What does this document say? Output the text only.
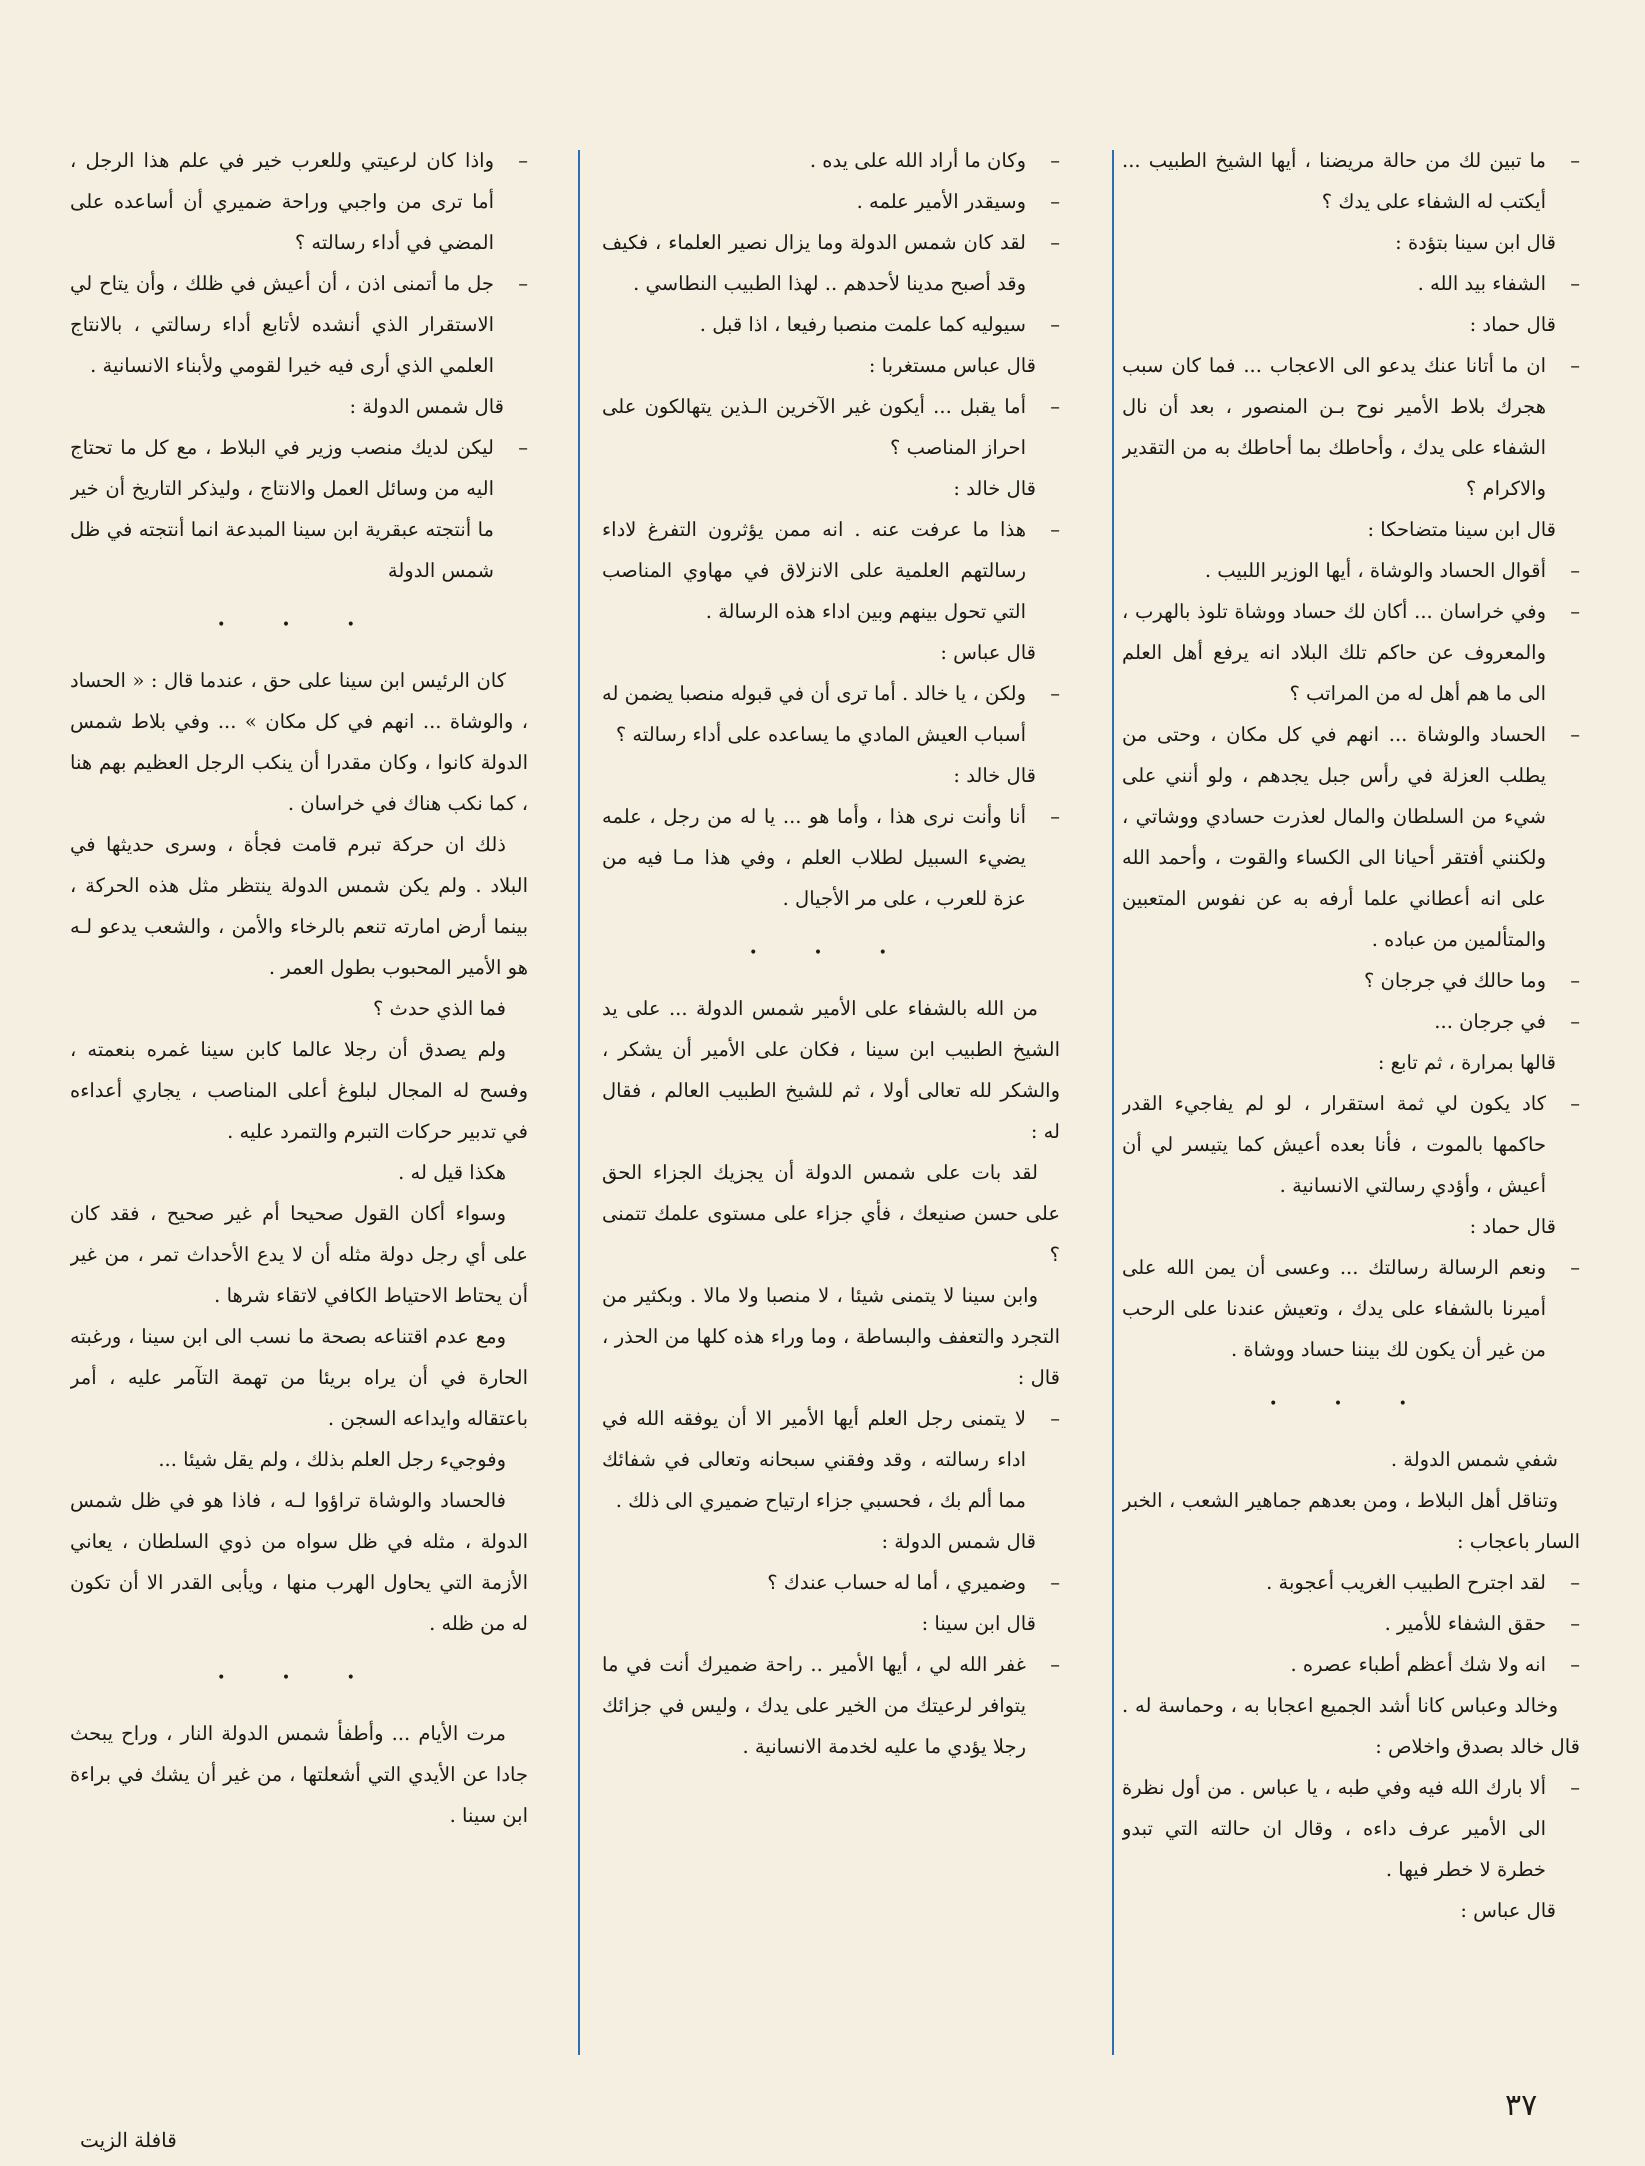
– ما تبين لك من حالة مريضنا ، أيها الشيخ الطبيب ... أيكتب له الشفاء على يدك ؟

قال ابن سينا بتؤدة :

– الشفاء بيد الله .

قال حماد :

– ان ما أتانا عنك يدعو الى الاعجاب ... فما كان سبب هجرك بلاط الأمير نوح بـن المنصور ، بعد أن نال الشفاء على يدك ، وأحاطك بما أحاطك به من التقدير والاكرام ؟

قال ابن سينا متضاحكا :

– أقوال الحساد والوشاة ، أيها الوزير اللبيب .

– وفي خراسان ... أكان لك حساد ووشاة تلوذ بالهرب ، والمعروف عن حاكم تلك البلاد انه يرفع أهل العلم الى ما هم أهل له من المراتب ؟

– الحساد والوشاة ... انهم في كل مكان ، وحتى من يطلب العزلة في رأس جبل يجدهم ، ولو أنني على شيء من السلطان والمال لعذرت حسادي ووشاتي ، ولكنني أفتقر أحيانا الى الكساء والقوت ، وأحمد الله على انه أعطاني علما أرفه به عن نفوس المتعبين والمتألمين من عباده .

– وما حالك في جرجان ؟

– في جرجان ...

قالها بمرارة ، ثم تابع :

– كاد يكون لي ثمة استقرار ، لو لم يفاجيء القدر حاكمها بالموت ، فأنا بعده أعيش كما يتيسر لي أن أعيش ، وأؤدي رسالتي الانسانية .

قال حماد :

– ونعم الرسالة رسالتك ... وعسى أن يمن الله على أميرنا بالشفاء على يدك ، وتعيش عندنا على الرحب من غير أن يكون لك بيننا حساد ووشاة .

• • •

شفي شمس الدولة .

وتناقل أهل البلاط ، ومن بعدهم جماهير الشعب ، الخبر السار باعجاب :

– لقد اجترح الطبيب الغريب أعجوبة .

– حقق الشفاء للأمير .

– انه ولا شك أعظم أطباء عصره .

وخالد وعباس كانا أشد الجميع اعجابا به ، وحماسة له . قال خالد بصدق واخلاص :

– ألا بارك الله فيه وفي طبه ، يا عباس . من أول نظرة الى الأمير عرف داءه ، وقال ان حالته التي تبدو خطرة لا خطر فيها .

قال عباس :

– وكان ما أراد الله على يده .

– وسيقدر الأمير علمه .

– لقد كان شمس الدولة وما يزال نصير العلماء ، فكيف وقد أصبح مدينا لأحدهم .. لهذا الطبيب النطاسي .

– سيوليه كما علمت منصبا رفيعا ، اذا قبل .

قال عباس مستغربا :

– أما يقبل ... أيكون غير الآخرين الـذين يتهالكون على احراز المناصب ؟

قال خالد :

– هذا ما عرفت عنه . انه ممن يؤثرون التفرغ لاداء رسالتهم العلمية على الانزلاق في مهاوي المناصب التي تحول بينهم وبين اداء هذه الرسالة .

قال عباس :

– ولكن ، يا خالد . أما ترى أن في قبوله منصبا يضمن له أسباب العيش المادي ما يساعده على أداء رسالته ؟

قال خالد :

– أنا وأنت نرى هذا ، وأما هو ... يا له من رجل ، علمه يضيء السبيل لطلاب العلم ، وفي هذا مـا فيه من عزة للعرب ، على مر الأجيال .

• • •

من الله بالشفاء على الأمير شمس الدولة ... على يد الشيخ الطبيب ابن سينا ، فكان على الأمير أن يشكر ، والشكر لله تعالى أولا ، ثم للشيخ الطبيب العالم ، فقال له :

لقد بات على شمس الدولة أن يجزيك الجزاء الحق على حسن صنيعك ، فأي جزاء على مستوى علمك تتمنى ؟

وابن سينا لا يتمنى شيئا ، لا منصبا ولا مالا . وبكثير من التجرد والتعفف والبساطة ، وما وراء هذه كلها من الحذر ، قال :

– لا يتمنى رجل العلم أيها الأمير الا أن يوفقه الله في اداء رسالته ، وقد وفقني سبحانه وتعالى في شفائك مما ألم بك ، فحسبي جزاء ارتياح ضميري الى ذلك .

قال شمس الدولة :

– وضميري ، أما له حساب عندك ؟

قال ابن سينا :

– غفر الله لي ، أيها الأمير .. راحة ضميرك أنت في ما يتوافر لرعيتك من الخير على يدك ، وليس في جزائك رجلا يؤدي ما عليه لخدمة الانسانية .

– واذا كان لرعيتي وللعرب خير في علم هذا الرجل ، أما ترى من واجبي وراحة ضميري أن أساعده على المضي في أداء رسالته ؟

– جل ما أتمنى اذن ، أن أعيش في ظلك ، وأن يتاح لي الاستقرار الذي أنشده لأتابع أداء رسالتي ، بالانتاج العلمي الذي أرى فيه خيرا لقومي ولأبناء الانسانية .

قال شمس الدولة :

– ليكن لديك منصب وزير في البلاط ، مع كل ما تحتاج اليه من وسائل العمل والانتاج ، وليذكر التاريخ أن خير ما أنتجته عبقرية ابن سينا المبدعة انما أنتجته في ظل شمس الدولة

• • •

كان الرئيس ابن سينا على حق ، عندما قال : « الحساد ، والوشاة ... انهم في كل مكان » ... وفي بلاط شمس الدولة كانوا ، وكان مقدرا أن ينكب الرجل العظيم بهم هنا ، كما نكب هناك في خراسان .

ذلك ان حركة تبرم قامت فجأة ، وسرى حديثها في البلاد . ولم يكن شمس الدولة ينتظر مثل هذه الحركة ، بينما أرض امارته تنعم بالرخاء والأمن ، والشعب يدعو لـه هو الأمير المحبوب بطول العمر .

فما الذي حدث ؟

ولم يصدق أن رجلا عالما كابن سينا غمره بنعمته ، وفسح له المجال لبلوغ أعلى المناصب ، يجاري أعداءه في تدبير حركات التبرم والتمرد عليه .

هكذا قيل له .

وسواء أكان القول صحيحا أم غير صحيح ، فقد كان على أي رجل دولة مثله أن لا يدع الأحداث تمر ، من غير أن يحتاط الاحتياط الكافي لاتقاء شرها .

ومع عدم اقتناعه بصحة ما نسب الى ابن سينا ، ورغبته الحارة في أن يراه بريئا من تهمة التآمر عليه ، أمر باعتقاله وايداعه السجن .

وفوجيء رجل العلم بذلك ، ولم يقل شيئا ...

فالحساد والوشاة تراؤوا لـه ، فاذا هو في ظل شمس الدولة ، مثله في ظل سواه من ذوي السلطان ، يعاني الأزمة التي يحاول الهرب منها ، ويأبى القدر الا أن تكون له من ظله .

• • •

مرت الأيام ... وأطفأ شمس الدولة النار ، وراح يبحث جادا عن الأيدي التي أشعلتها ، من غير أن يشك في براءة ابن سينا .

٣٧
قافلة الزيت
